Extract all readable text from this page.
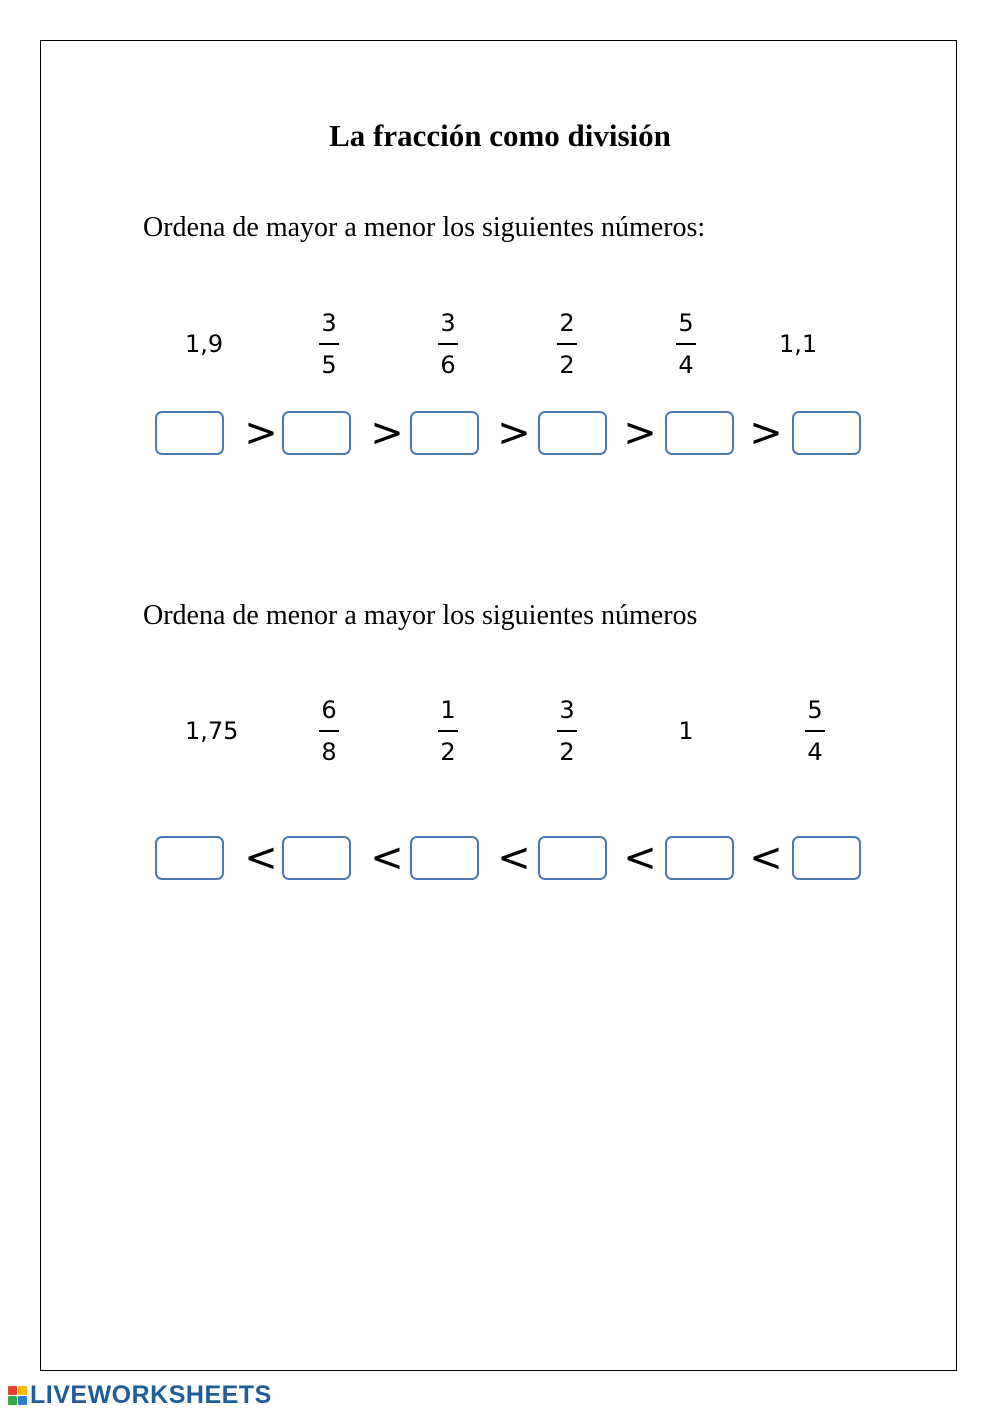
La fracción como división
Ordena de mayor a menor los siguientes números:
1,9	$\frac{3}{5}$	$\frac{3}{6}$	$\frac{2}{2}$	$\frac{5}{4}$	1,1
> > > > >
Ordena de menor a mayor los siguientes números
1,75	$\frac{6}{8}$	$\frac{1}{2}$	$\frac{3}{2}$	1	$\frac{5}{4}$
< < < < <
LIVEWORKSHEETS
